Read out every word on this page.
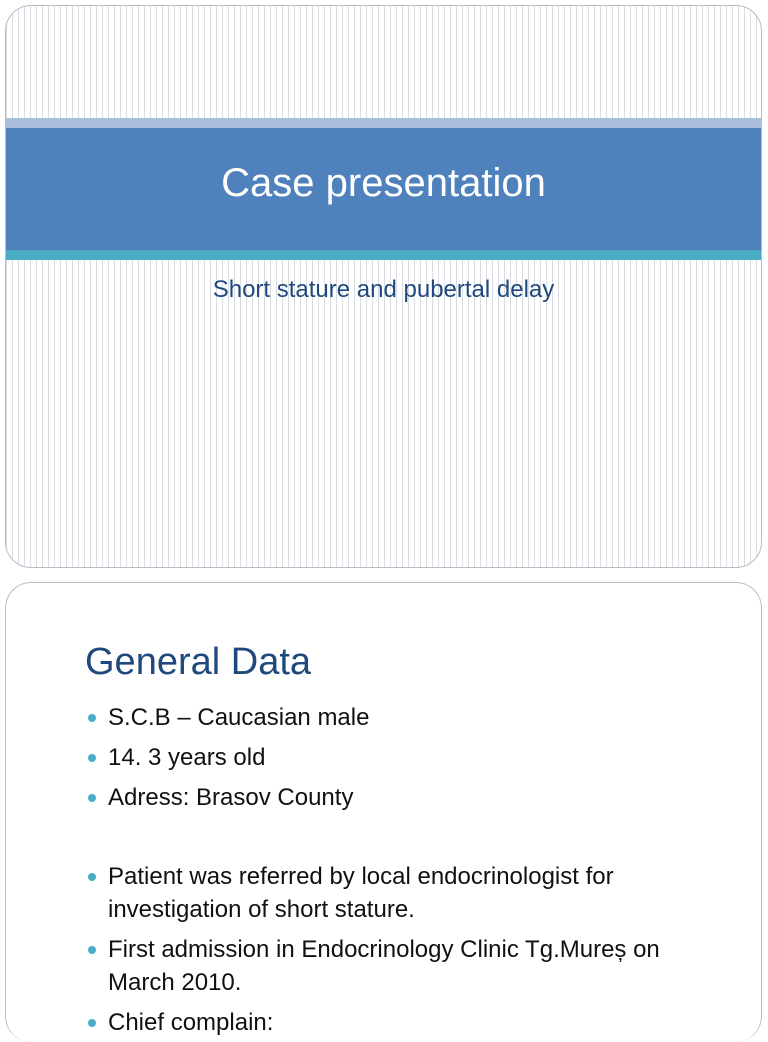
Case presentation
Short stature and pubertal delay
General Data
S.C.B – Caucasian male
14. 3 years old
Adress: Brasov County
Patient was referred by local endocrinologist for investigation of short stature.
First admission in Endocrinology Clinic Tg.Mureș on March 2010.
Chief complain:
